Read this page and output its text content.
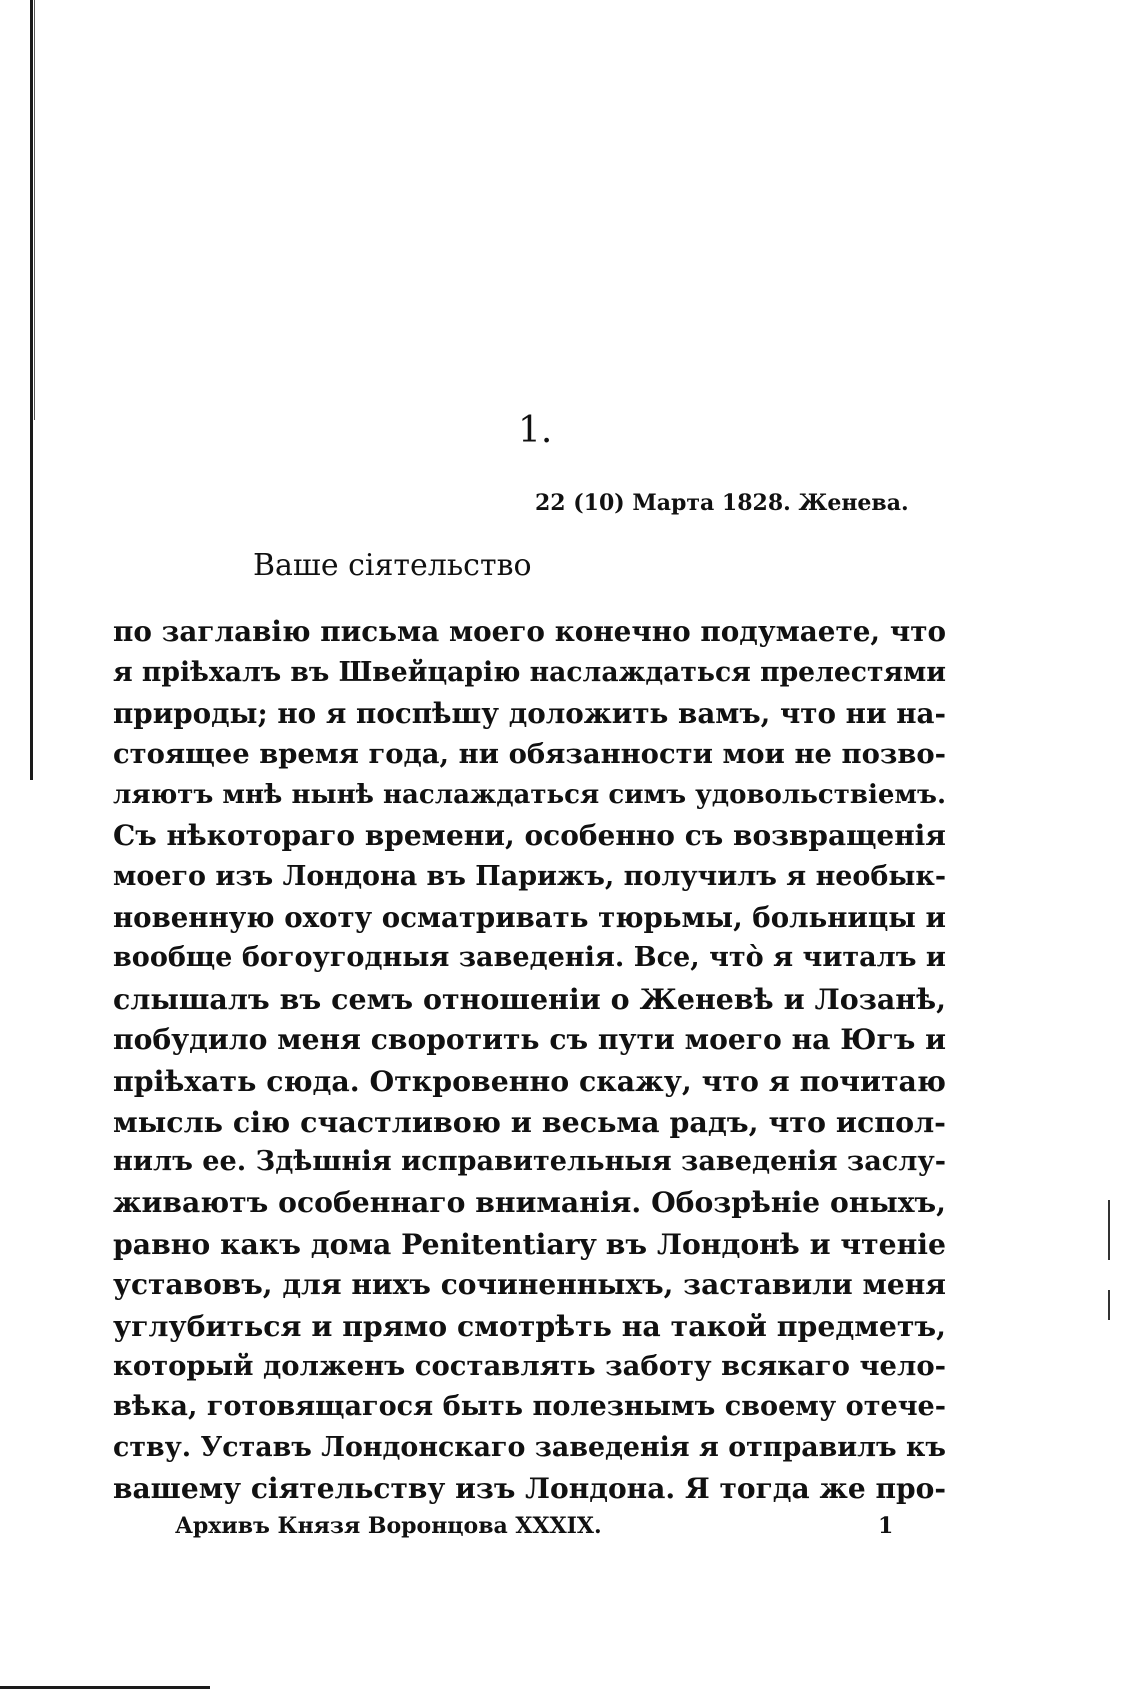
1.
22 (10) Марта 1828. Женева.
Ваше сіятельство
по заглавію письма моего конечно подумаете, что
я пріѣхалъ въ Швейцарію наслаждаться прелестями
природы; но я поспѣшу доложить вамъ, что ни на-
стоящее время года, ни обязанности мои не позво-
ляютъ мнѣ нынѣ наслаждаться симъ удовольствіемъ.
Съ нѣкотораго времени, особенно съ возвращенія
моего изъ Лондона въ Парижъ, получилъ я необык-
новенную охоту осматривать тюрьмы, больницы и
вообще богоугодныя заведенія. Все, что̀ я читалъ и
слышалъ въ семъ отношеніи о Женевѣ и Лозанѣ,
побудило меня своротить съ пути моего на Югъ и
пріѣхать сюда. Откровенно скажу, что я почитаю
мысль сію счастливою и весьма радъ, что испол-
нилъ ее. Здѣшнія исправительныя заведенія заслу-
живаютъ особеннаго вниманія. Обозрѣніе оныхъ,
равно какъ дома Penitentiary въ Лондонѣ и чтеніе
уставовъ, для нихъ сочиненныхъ, заставили меня
углубиться и прямо смотрѣть на такой предметъ,
который долженъ составлять заботу всякаго чело-
вѣка, готовящагося быть полезнымъ своему отече-
ству. Уставъ Лондонскаго заведенія я отправилъ къ
вашему сіятельству изъ Лондона. Я тогда же про-
Архивъ Князя Воронцова XXXIX.	1
